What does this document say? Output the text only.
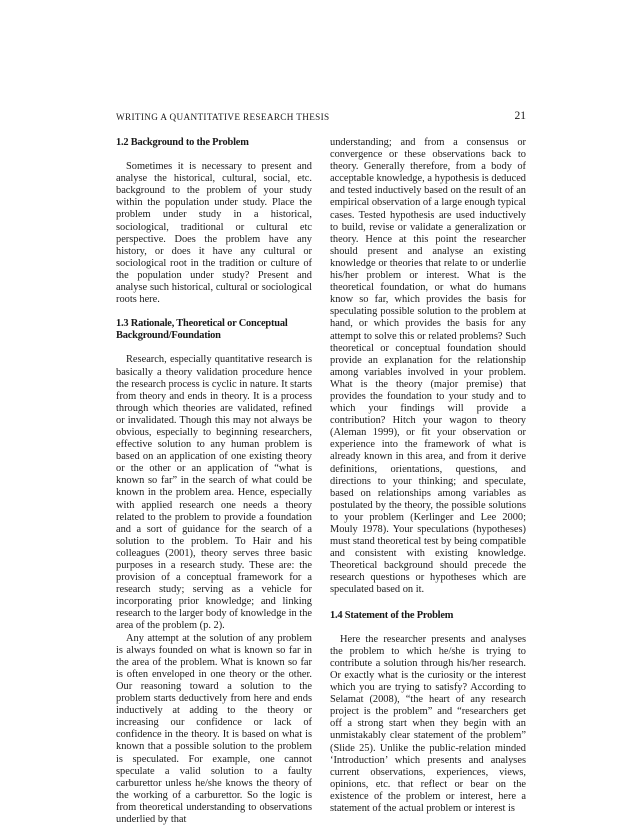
WRITING A QUANTITATIVE RESEARCH THESIS	21
1.2 Background to the Problem

Sometimes it is necessary to present and analyse the historical, cultural, social, etc. background to the problem of your study within the population under study. Place the problem under study in a historical, sociological, traditional or cultural etc perspective. Does the problem have any history, or does it have any cultural or sociological root in the tradition or culture of the population under study? Present and analyse such historical, cultural or sociological roots here.

1.3 Rationale, Theoretical or Conceptual Background/Foundation

Research, especially quantitative research is basically a theory validation procedure hence the research process is cyclic in nature. It starts from theory and ends in theory. It is a process through which theories are validated, refined or invalidated. Though this may not always be obvious, especially to beginning researchers, effective solution to any human problem is based on an application of one existing theory or the other or an application of “what is known so far” in the search of what could be known in the problem area. Hence, especially with applied research one needs a theory related to the problem to provide a foundation and a sort of guidance for the search of a solution to the problem. To Hair and his colleagues (2001), theory serves three basic purposes in a research study. These are: the provision of a conceptual framework for a research study; serving as a vehicle for incorporating prior knowledge; and linking research to the larger body of knowledge in the area of the problem (p. 2).

Any attempt at the solution of any problem is always founded on what is known so far in the area of the problem. What is known so far is often enveloped in one theory or the other. Our reasoning toward a solution to the problem starts deductively from here and ends inductively at adding to the theory or increasing our confidence or lack of confidence in the theory. It is based on what is known that a possible solution to the problem is speculated. For example, one cannot speculate a valid solution to a faulty carburettor unless he/she knows the theory of the working of a carburettor. So the logic is from theoretical understanding to observations underlied by that

understanding; and from a consensus or convergence or these observations back to theory. Generally therefore, from a body of acceptable knowledge, a hypothesis is deduced and tested inductively based on the result of an empirical observation of a large enough typical cases. Tested hypothesis are used inductively to build, revise or validate a generalization or theory. Hence at this point the researcher should present and analyse an existing knowledge or theories that relate to or underlie his/her problem or interest. What is the theoretical foundation, or what do humans know so far, which provides the basis for speculating possible solution to the problem at hand, or which provides the basis for any attempt to solve this or related problems? Such theoretical or conceptual foundation should provide an explanation for the relationship among variables involved in your problem. What is the theory (major premise) that provides the foundation to your study and to which your findings will provide a contribution? Hitch your wagon to theory (Aleman 1999), or fit your observation or experience into the framework of what is already known in this area, and from it derive definitions, orientations, questions, and directions to your thinking; and speculate, based on relationships among variables as postulated by the theory, the possible solutions to your problem (Kerlinger and Lee 2000; Mouly 1978). Your speculations (hypotheses) must stand theoretical test by being compatible and consistent with existing knowledge. Theoretical background should precede the research questions or hypotheses which are speculated based on it.

1.4 Statement of the Problem

Here the researcher presents and analyses the problem to which he/she is trying to contribute a solution through his/her research. Or exactly what is the curiosity or the interest which you are trying to satisfy? According to Selamat (2008), “the heart of any research project is the problem” and “researchers get off a strong start when they begin with an unmistakably clear statement of the problem” (Slide 25). Unlike the public-relation minded ‘Introduction’ which presents and analyses current observations, experiences, views, opinions, etc. that reflect or bear on the existence of the problem or interest, here a statement of the actual problem or interest is
